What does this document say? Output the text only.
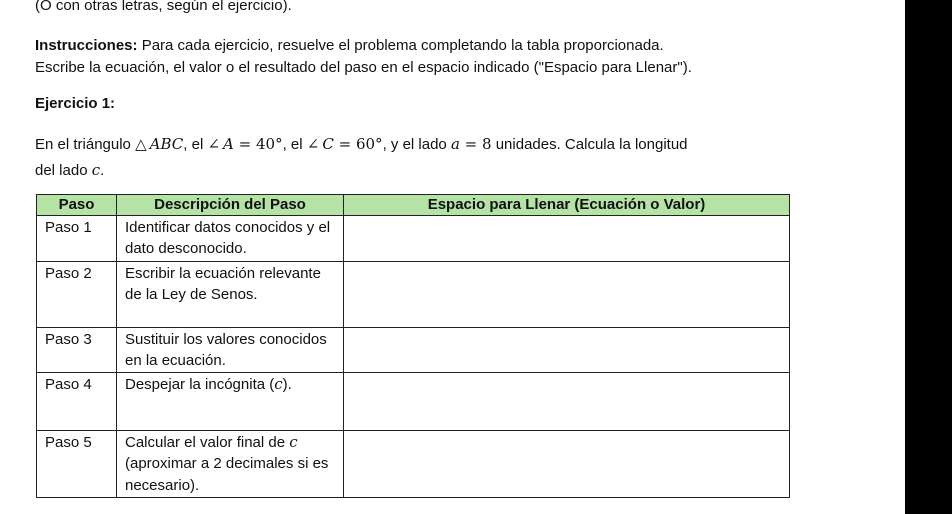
(O con otras letras, según el ejercicio).
Instrucciones: Para cada ejercicio, resuelve el problema completando la tabla proporcionada.
Escribe la ecuación, el valor o el resultado del paso en el espacio indicado ("Espacio para Llenar").
Ejercicio 1:
En el triángulo △  ABC, el ∠  A = 40°, el ∠  C = 60°, y el lado a = 8 unidades. Calcula la longitud
del lado c.
Paso	Descripción del Paso	Espacio para Llenar (Ecuación o Valor)
Paso 1	Identificar datos conocidos y el dato desconocido.	
Paso 2	Escribir la ecuación relevante de la Ley de Senos.	
Paso 3	Sustituir los valores conocidos en la ecuación.	
Paso 4	Despejar la incógnita (c).	
Paso 5	Calcular el valor final de c (aproximar a 2 decimales si es necesario).	
